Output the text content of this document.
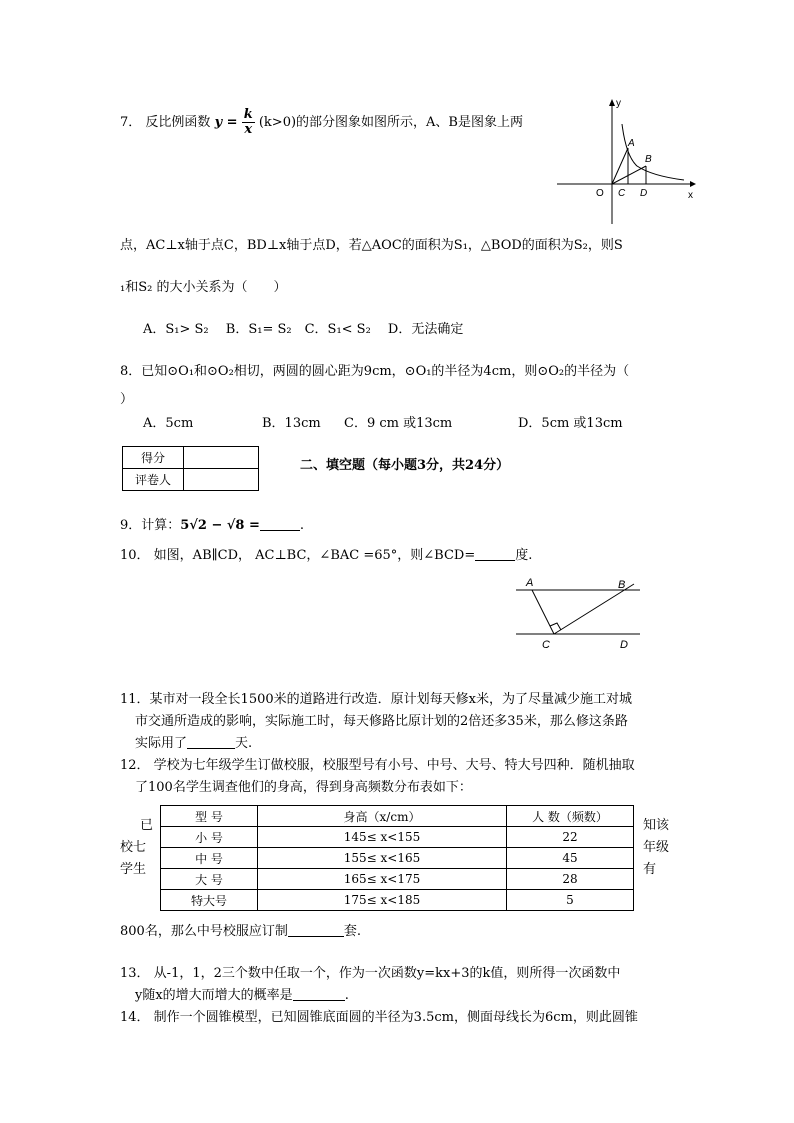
7． 反比例函数 $y = \frac{k}{x} (k>0)$的部分图象如图所示，A、B是图象上两
y
x
O
A
B
C D
点，AC⊥x轴于点C，BD⊥x轴于点D，若△AOC的面积为S₁，△BOD的面积为S₂，则S
₁和S₂ 的大小关系为（　　）
A．S₁> S₂　 B．S₁= S₂　C．S₁< S₂　 D．无法确定
8．已知⊙O₁和⊙O₂相切，两圆的圆心距为9cm，⊙O₁的半径为4cm，则⊙O₂的半径为（
）
A．5cm	B．13cm C．9 cm 或13cm	D．5cm 或13cm
得分	
评卷人	
二、填空题（每小题3分，共24分）
9．计算：5√2 − √8 =	.
10． 如图，AB∥CD， AC⊥BC，∠BAC =65°，则∠BCD=	度.
A	B
C	D
11．某市对一段全长1500米的道路进行改造．原计划每天修x米，为了尽量减少施工对城
市交通所造成的影响，实际施工时，每天修路比原计划的2倍还多35米，那么修这条路
实际用了	天.
12． 学校为七年级学生订做校服，校服型号有小号、中号、大号、特大号四种．随机抽取
了100名学生调查他们的身高，得到身高频数分布表如下：
已
校七
学生
知该
年级
有
型 号	身高（x/cm）	人 数（频数）
小 号	145≤ x<155	22
中 号	155≤ x<165	45
大 号	165≤ x<175	28
特大号	175≤ x<185	5
800名，那么中号校服应订制	套.
13． 从-1，1，2三个数中任取一个，作为一次函数y=kx+3的k值，则所得一次函数中
y随x的增大而增大的概率是	.
14． 制作一个圆锥模型，已知圆锥底面圆的半径为3.5cm，侧面母线长为6cm，则此圆锥
